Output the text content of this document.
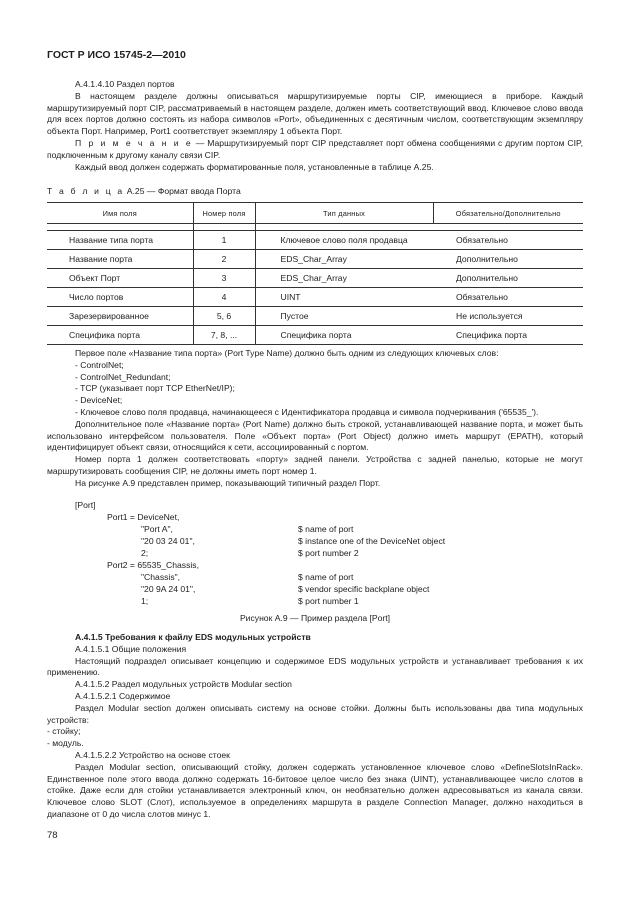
ГОСТ Р ИСО 15745-2—2010

А.4.1.4.10 Раздел портов

В настоящем разделе должны описываться маршрутизируемые порты CIP, имеющиеся в приборе. Каждый маршрутизируемый порт CIP, рассматриваемый в настоящем разделе, должен иметь соответствующий ввод. Ключевое слово ввода для всех портов должно состоять из набора символов «Port», объединенных с десятичным числом, соответствующим экземпляру объекта Порт. Например, Port1 соответствует экземпляру 1 объекта Порт.

П р и м е ч а н и е — Маршрутизируемый порт CIP представляет порт обмена сообщениями с другим портом CIP, подключенным к другому каналу связи CIP.

Каждый ввод должен содержать форматированные поля, установленные в таблице А.25.

Т а б л и ц а А.25 — Формат ввода Порта
Имя поля	Номер поля	Тип данных	Обязательно/Дополнительно

Название типа порта	1	Ключевое слово поля продавца	Обязательно
Название порта	2	EDS_Char_Array	Дополнительно
Объект Порт	3	EDS_Char_Array	Дополнительно
Число портов	4	UINT	Обязательно
Зарезервированное	5, 6	Пустое	Не используется
Специфика порта	7, 8, ...	Специфика порта	Специфика порта

Первое поле «Название типа порта» (Port Type Name) должно быть одним из следующих ключевых слов:

- ControlNet;

- ControlNet_Redundant;

- TCP (указывает порт TCP EtherNet/IP);

- DeviceNet;

- Ключевое слово поля продавца, начинающееся с Идентификатора продавца и символа подчеркивания ('65535_').

Дополнительное поле «Название порта» (Port Name) должно быть строкой, устанавливающей название порта, и может быть использовано интерфейсом пользователя. Поле «Объект порта» (Port Object) должно иметь маршрут (EPATH), который идентифицирует объект связи, относящийся к сети, ассоциированный с портом.

Номер порта 1 должен соответствовать «порту» задней панели. Устройства с задней панелью, которые не могут маршрутизировать сообщения CIP, не должны иметь порт номер 1.

На рисунке А.9 представлен пример, показывающий типичный раздел Порт.

[Port]
Port1 = DeviceNet,
"Port A",
"20 03 24 01",
2;
$ name of port
$ instance one of the DeviceNet object
$ port number 2
Port2 = 65535_Chassis,
"Chassis",
"20 9A 24 01",
1;
$ name of port
$ vendor specific backplane object
$ port number 1
Рисунок А.9 — Пример раздела [Port]

А.4.1.5 Требования к файлу EDS модульных устройств

А.4.1.5.1 Общие положения

Настоящий подраздел описывает концепцию и содержимое EDS модульных устройств и устанавливает требования к их применению.

А.4.1.5.2 Раздел модульных устройств Modular section

А.4.1.5.2.1 Содержимое

Раздел Modular section должен описывать систему на основе стойки. Должны быть использованы два типа модульных устройств:

- стойку;

- модуль.

А.4.1.5.2.2 Устройство на основе стоек

Раздел Modular section, описывающий стойку, должен содержать установленное ключевое слово «DefineSlotsInRack». Единственное поле этого ввода должно содержать 16-битовое целое число без знака (UINT), устанавливающее число слотов в стойке. Даже если для стойки устанавливается электронный ключ, он необязательно должен адресовываться из канала связи. Ключевое слово SLOT (Слот), используемое в определениях маршрута в разделе Connection Manager, должно находиться в диапазоне от 0 до числа слотов минус 1.

78
